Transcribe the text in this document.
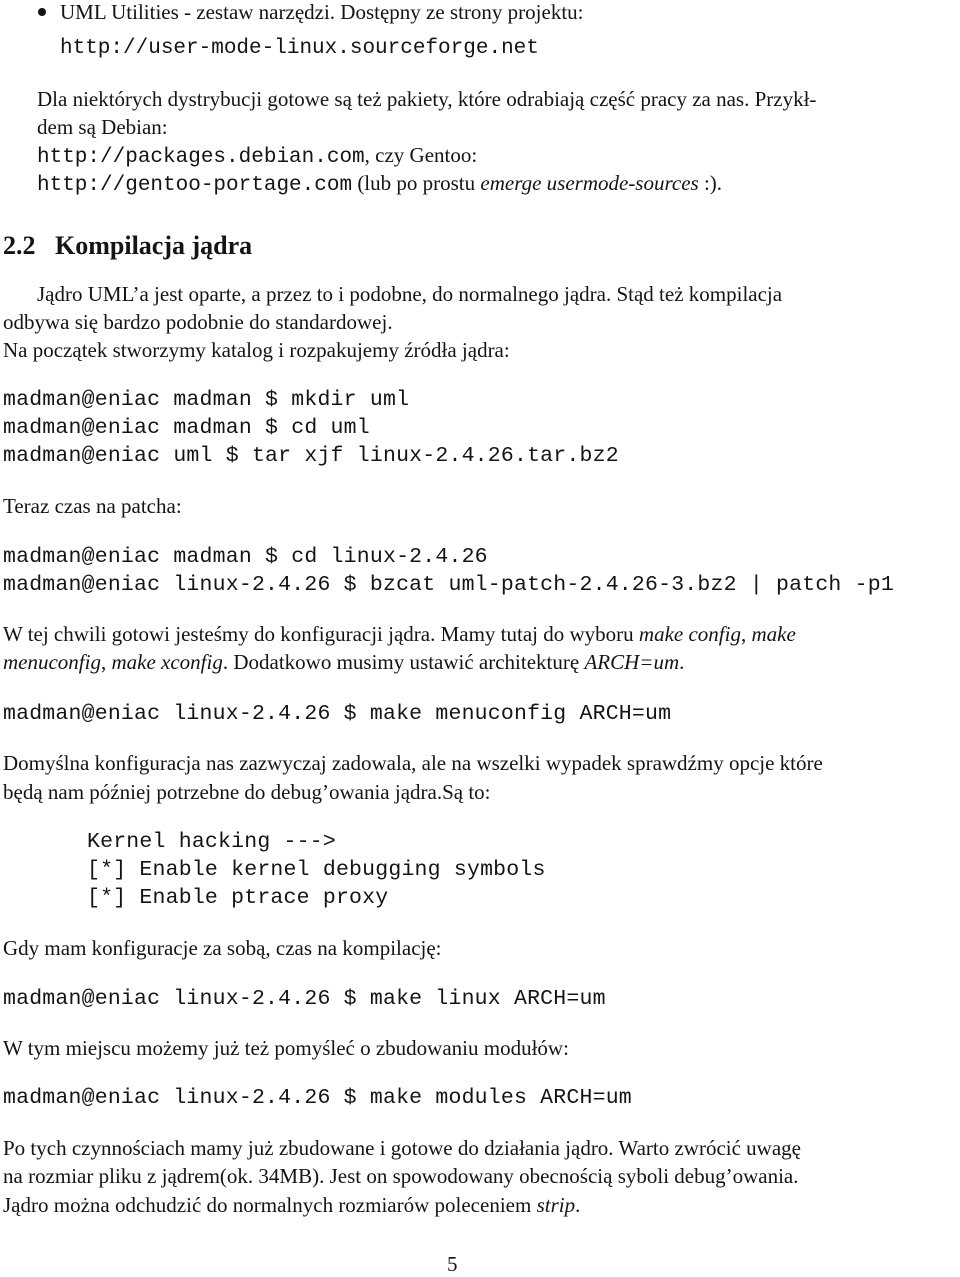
UML Utilities - zestaw narzędzi. Dostępny ze strony projektu:

http://user-mode-linux.sourceforge.net

Dla niektórych dystrybucji gotowe są też pakiety, które odrabiają część pracy za nas. Przykł-

dem są Debian:

http://packages.debian.com, czy Gentoo:

http://gentoo-portage.com (lub po prostu emerge usermode-sources :).

2.2   Kompilacja jądra

Jądro UML’a jest oparte, a przez to i podobne, do normalnego jądra. Stąd też kompilacja

odbywa się bardzo podobnie do standardowej.

Na początek stworzymy katalog i rozpakujemy źródła jądra:

madman@eniac madman $ mkdir uml
madman@eniac madman $ cd uml
madman@eniac uml $ tar xjf linux-2.4.26.tar.bz2

Teraz czas na patcha:

madman@eniac madman $ cd linux-2.4.26
madman@eniac linux-2.4.26 $ bzcat uml-patch-2.4.26-3.bz2 | patch -p1

W tej chwili gotowi jesteśmy do konfiguracji jądra. Mamy tutaj do wyboru make config, make

menuconfig, make xconfig. Dodatkowo musimy ustawić architekturę ARCH=um.

madman@eniac linux-2.4.26 $ make menuconfig ARCH=um

Domyślna konfiguracja nas zazwyczaj zadowala, ale na wszelki wypadek sprawdźmy opcje które

będą nam później potrzebne do debug’owania jądra.Są to:

Kernel hacking --->
[*] Enable kernel debugging symbols
[*] Enable ptrace proxy

Gdy mam konfiguracje za sobą, czas na kompilację:

madman@eniac linux-2.4.26 $ make linux ARCH=um

W tym miejscu możemy już też pomyśleć o zbudowaniu modułów:

madman@eniac linux-2.4.26 $ make modules ARCH=um

Po tych czynnościach mamy już zbudowane i gotowe do działania jądro. Warto zwrócić uwagę

na rozmiar pliku z jądrem(ok. 34MB). Jest on spowodowany obecnością syboli debug’owania.

Jądro można odchudzić do normalnych rozmiarów poleceniem strip.

5
